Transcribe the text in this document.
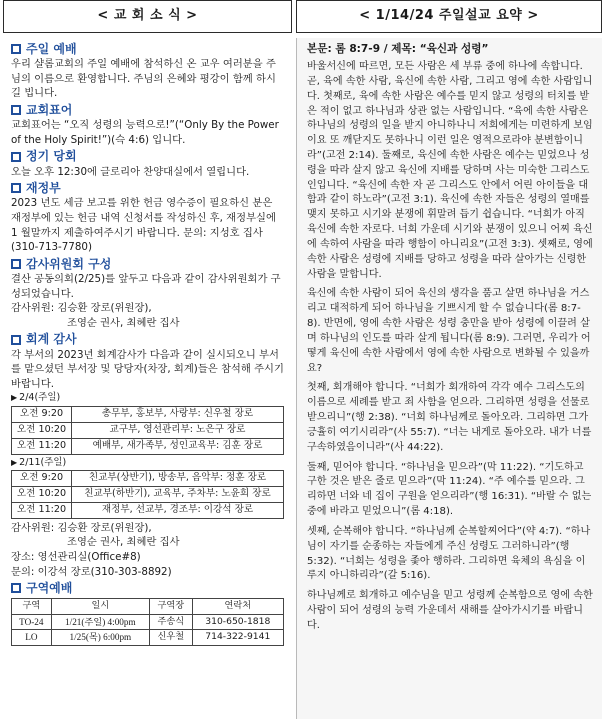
< 교 회 소 식 >	< 1/14/24 주일설교 요약 >
주일 예배
우리 샬롬교회의 주일 예배에 참석하신 온 교우 여러분을 주님의 이름으로 환영합니다. 주님의 은혜와 평강이 함께 하시길 빕니다.
교회표어
교회표어는 “오직 성령의 능력으로!”(“Only By the Power of the Holy Spirit!”)(슥 4:6) 입니다.
정기 당회
오늘 오후 12:30에 글로리아 찬양대실에서 열립니다.
재정부
2023 년도 세금 보고를 위한 헌금 영수증이 필요하신 분은 재정부에 있는 헌금 내역 신청서를 작성하신 후, 재정부실에 1 월말까지 제출하여주시기 바랍니다. 문의: 지성호 집사(310-713-7780)
감사위원회 구성
결산 공동의회(2/25)를 앞두고 다음과 같이 감사위원회가 구성되었습니다.
감사위원: 김승환 장로(위원장),
조영순 권사, 최혜란 집사
회계 감사
각 부서의 2023년 회계감사가 다음과 같이 실시되오니 부서를 맡으셨던 부서장 및 당당자(차장, 회계)들은 참석해 주시기 바랍니다.
▶ 2/4(주일)
오전 9:20	총무부, 홍보부, 사랑부: 신우철 장로
오전 10:20	교구부, 영선관리부: 노은구 장로
오전 11:20	예배부, 새가족부, 성인교육부: 김훈 장로
▶ 2/11(주일)
오전 9:20	친교부(상반기), 방송부, 음악부: 정훈 장로
오전 10:20	친교부(하반기), 교육부, 주차부: 노윤희 장로
오전 11:20	재정부, 선교부, 경조부: 이강석 장로
감사위원: 김승환 장로(위원장),
조영순 권사, 최혜란 집사
장소: 영선관리실(Office#8)
문의: 이강석 장로(310-303-8892)
구역예배
구역	일시	구역장	연락처
TO-24	1/21(주일) 4:00pm	주송식	310-650-1818
LO	1/25(목) 6:00pm	신우철	714-322-9141
본문: 롬 8:7-9 / 제목: “육신과 성령”
바울서신에 따르면, 모든 사람은 세 부류 중에 하나에 속합니다. 곧, 육에 속한 사람, 육신에 속한 사람, 그리고 영에 속한 사람입니다. 첫째로, 육에 속한 사람은 예수를 믿지 않고 성령의 터치를 받은 적이 없고 하나님과 상관 없는 사람입니다. “육에 속한 사람은 하나님의 성령의 일을 받지 아니하나니 저희에게는 미련하게 보임이요 또 깨닫지도 못하나니 이런 일은 영적으로라야 분변함이니라”(고전 2:14). 둘째로, 육신에 속한 사람은 예수는 믿었으나 성령을 따라 살지 않고 육신에 지배를 당하며 사는 미숙한 그리스도인입니다. “육신에 속한 자 곧 그리스도 안에서 어린 아이들을 대함과 같이 하노라”(고전 3:1). 육신에 속한 자들은 성령의 열매를 맺지 못하고 시기와 분쟁에 휘말려 듭기 쉽습니다. “너희가 아직 육신에 속한 자로다. 너희 가운데 시기와 분쟁이 있으니 어찌 육신에 속하여 사람을 따라 행함이 아니리요”(고전 3:3). 셋째로, 영에 속한 사람은 성령에 지배를 당하고 성령을 따라 살아가는 신령한 사람을 말합니다.
육신에 속한 사람이 되어 육신의 생각을 품고 살면 하나님을 거스리고 대적하게 되어 하나님을 기쁘시게 할 수 없습니다(롬 8:7-8). 반면에, 영에 속한 사람은 성령 충만을 받아 성령에 이끌려 살며 하나님의 인도를 따라 살게 됩니다(롬 8:9). 그러면, 우리가 어떻게 육신에 속한 사람에서 영에 속한 사람으로 변화될 수 있을까요?
첫째, 회개해야 합니다. “너희가 회개하여 각각 예수 그리스도의 이름으로 세례를 받고 죄 사함을 얻으라. 그리하면 성령을 선물로 받으리니”(행 2:38). “너희 하나님께로 돌아오라. 그리하면 그가 긍휼히 여기시리라”(사 55:7). “너는 내게로 돌아오라. 내가 너를 구속하였음이니라”(사 44:22).
둘째, 믿어야 합니다. “하나님을 믿으라”(막 11:22). “기도하고 구한 것은 받은 줄로 믿으라”(막 11:24). “주 예수를 믿으라. 그리하면 너와 네 집이 구원을 얻으리라”(행 16:31). “바랄 수 없는 중에 바라고 믿었으니”(롬 4:18).
셋째, 순복해야 합니다. “하나님께 순복할찌어다”(약 4:7). “하나님이 자기를 순종하는 자들에게 주신 성령도 그러하니라”(행 5:32). “너희는 성령을 좇아 행하라. 그리하면 육체의 욕심을 이루지 아니하리라”(갈 5:16).
하나님께로 회개하고 예수님을 믿고 성령께 순복함으로 영에 속한 사람이 되어 성령의 능력 가운데서 새해를 살아가시기를 바랍니다.
